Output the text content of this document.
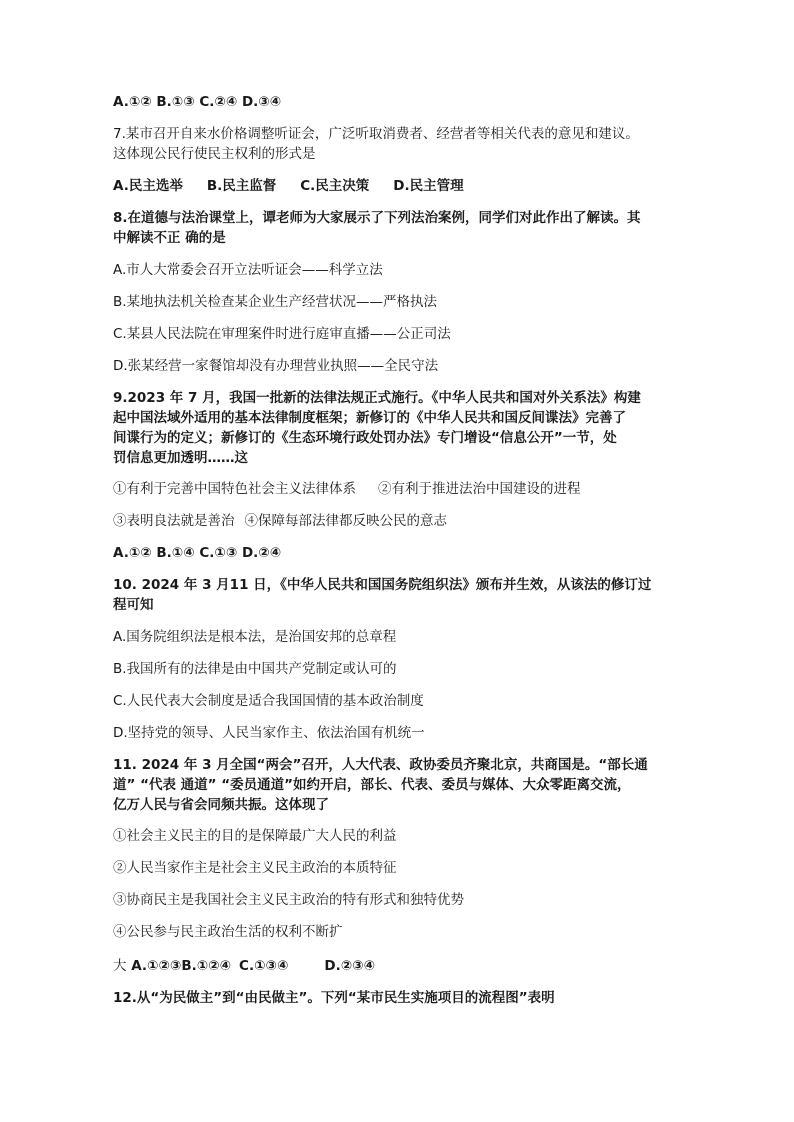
A.①② B.①③ C.②④ D.③④
7.某市召开自来水价格调整听证会，广泛听取消费者、经营者等相关代表的意见和建议。
这体现公民行使民主权利的形式是
A.民主选举 B.民主监督 C.民主决策 D.民主管理
8.在道德与法治课堂上，谭老师为大家展示了下列法治案例，同学们对此作出了解读。其
中解读不正 确的是
A.市人大常委会召开立法听证会——科学立法
B.某地执法机关检查某企业生产经营状况——严格执法
C.某县人民法院在审理案件时进行庭审直播——公正司法
D.张某经营一家餐馆却没有办理营业执照——全民守法
9.2023 年 7 月，我国一批新的法律法规正式施行。《中华人民共和国对外关系法》构建
起中国法域外适用的基本法律制度框架；新修订的《中华人民共和国反间谍法》完善了
间谍行为的定义；新修订的《生态环境行政处罚办法》专门增设“信息公开”一节，处
罚信息更加透明……这
①有利于完善中国特色社会主义法律体系 ②有利于推进法治中国建设的进程
③表明良法就是善治 ④保障每部法律都反映公民的意志
A.①② B.①④ C.①③ D.②④
10. 2024 年 3 月11 日，《中华人民共和国国务院组织法》颁布并生效，从该法的修订过
程可知
A.国务院组织法是根本法，是治国安邦的总章程
B.我国所有的法律是由中国共产党制定或认可的
C.人民代表大会制度是适合我国国情的基本政治制度
D.坚持党的领导、人民当家作主、依法治国有机统一
11. 2024 年 3 月全国“两会”召开，人大代表、政协委员齐聚北京，共商国是。“部长通
道” “代表 通道” “委员通道”如约开启，部长、代表、委员与媒体、大众零距离交流，
亿万人民与省会同频共振。这体现了
①社会主义民主的目的是保障最广大人民的利益
②人民当家作主是社会主义民主政治的本质特征
③协商民主是我国社会主义民主政治的特有形式和独特优势
④公民参与民主政治生活的权利不断扩
大 A.①②③B.①②④ C.①③④	D.②③④
12.从“为民做主”到“由民做主”。下列“某市民生实施项目的流程图”表明
